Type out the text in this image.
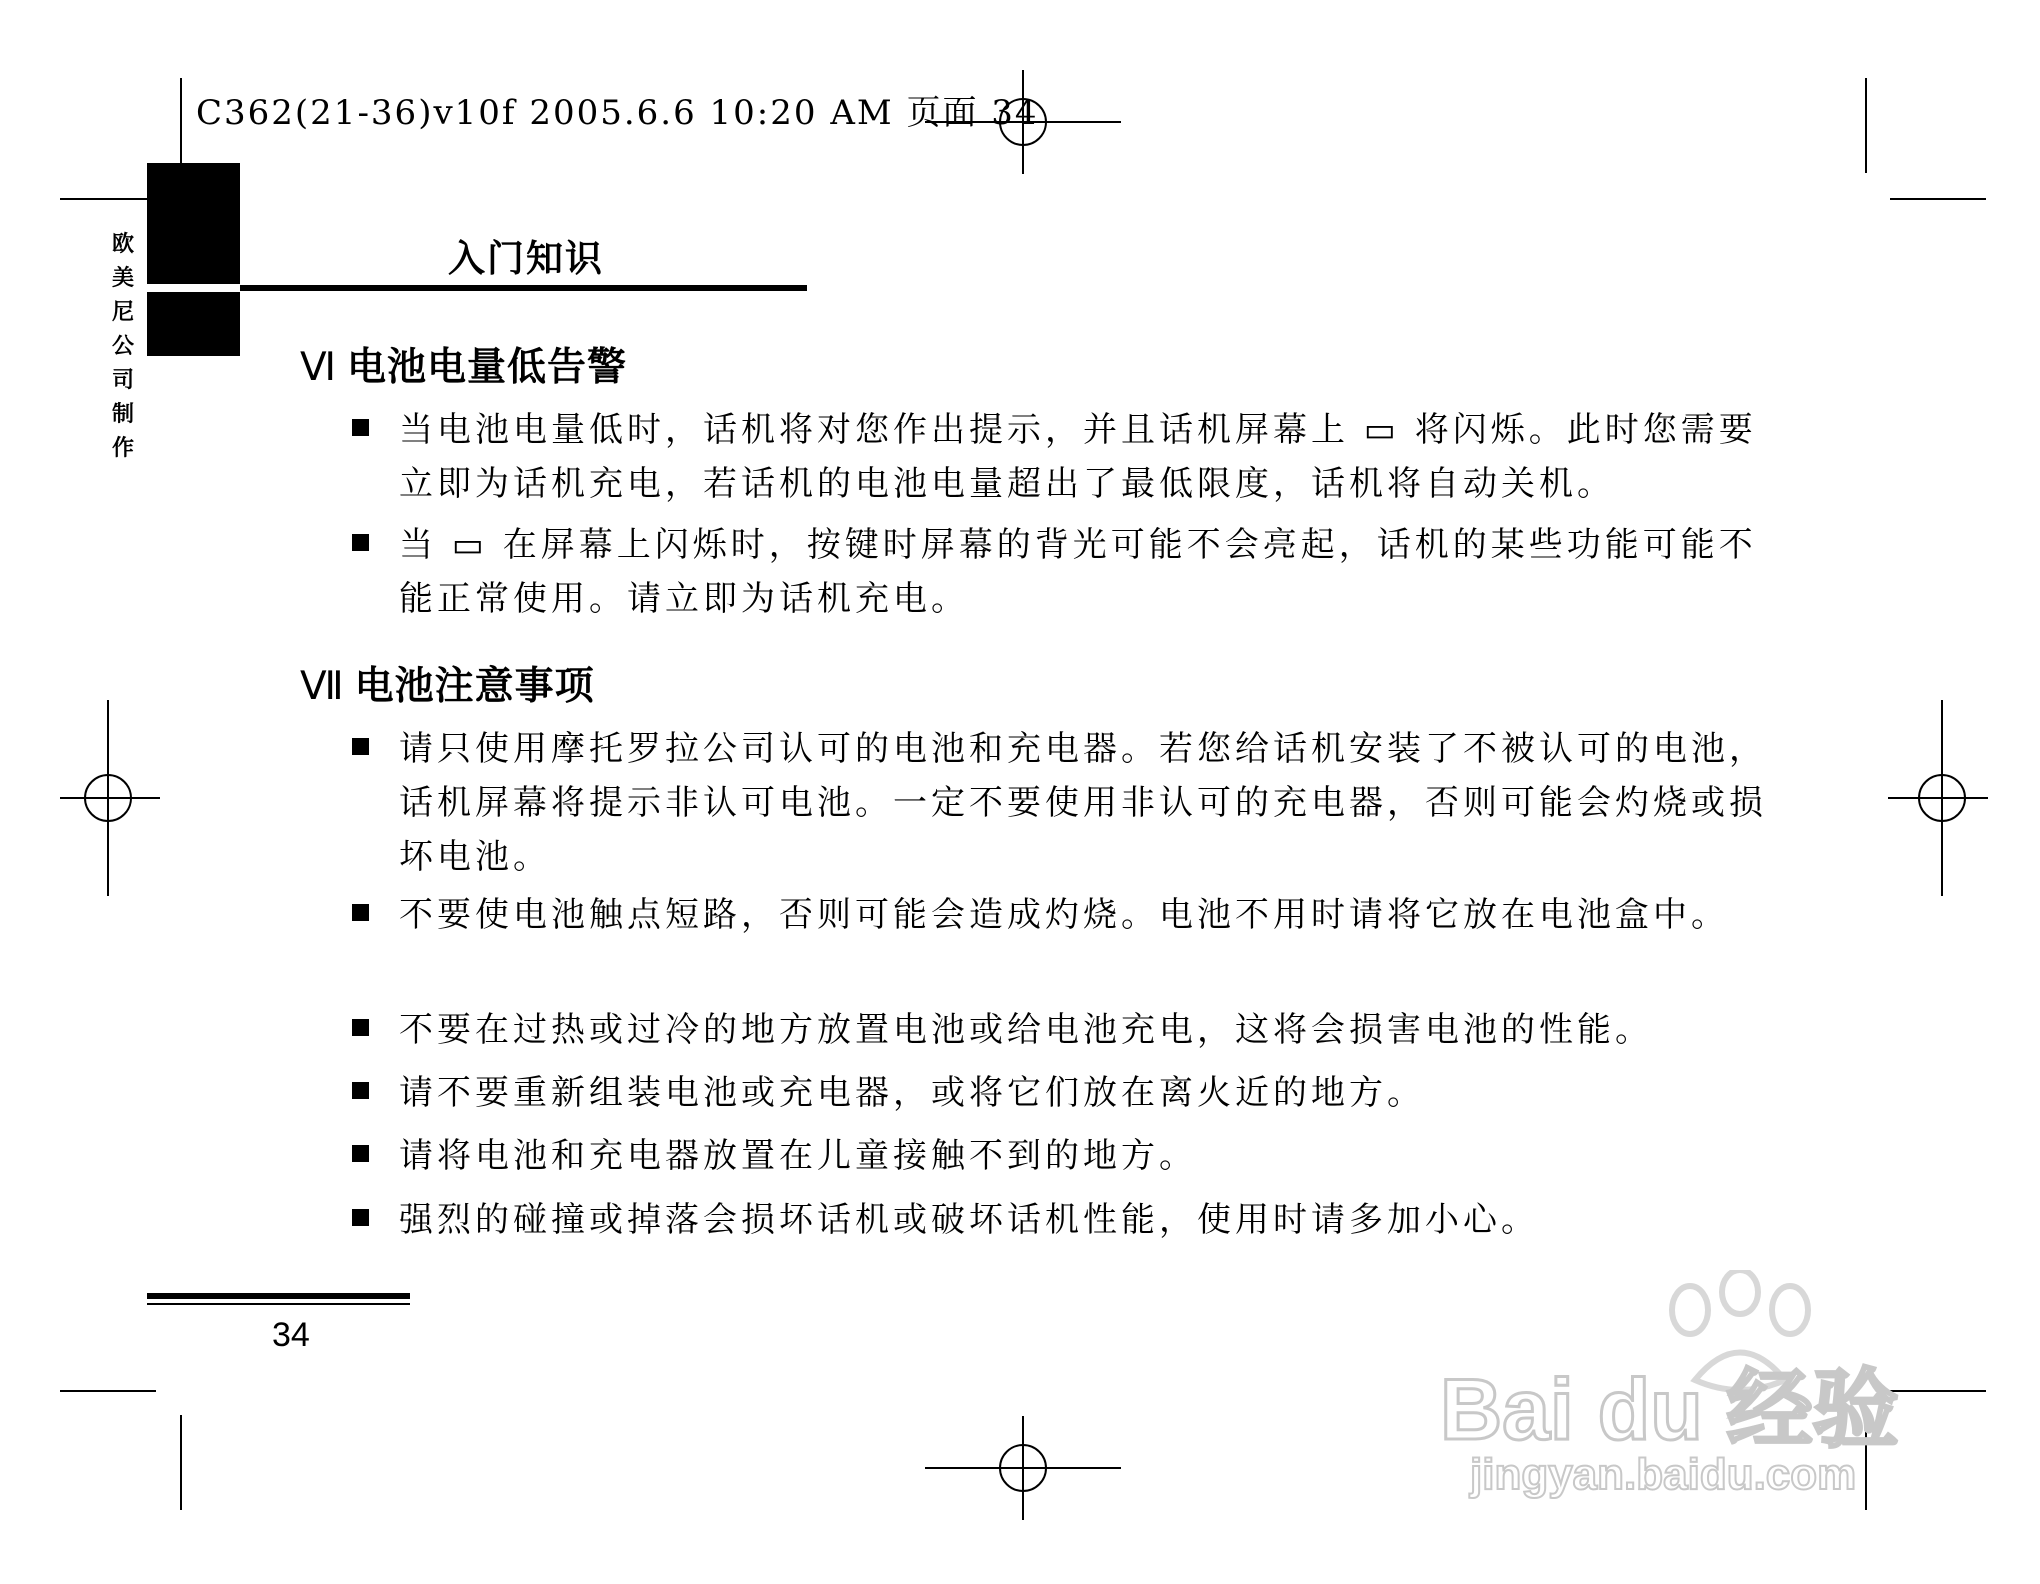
C362(21-36)v10f 2005.6.6 10:20 AM 页面 34
欧
美
尼
公
司
制
作
入门知识
Ⅵ 电池电量低告警
当电池电量低时，话机将对您作出提示，并且话机屏幕上 ▭ 将闪烁。此时您需要立即为话机充电，若话机的电池电量超出了最低限度，话机将自动关机。
当 ▭ 在屏幕上闪烁时，按键时屏幕的背光可能不会亮起，话机的某些功能可能不能正常使用。请立即为话机充电。
Ⅶ 电池注意事项
请只使用摩托罗拉公司认可的电池和充电器。若您给话机安装了不被认可的电池，话机屏幕将提示非认可电池。一定不要使用非认可的充电器，否则可能会灼烧或损坏电池。
不要使电池触点短路，否则可能会造成灼烧。电池不用时请将它放在电池盒中。
不要在过热或过冷的地方放置电池或给电池充电，这将会损害电池的性能。
请不要重新组装电池或充电器，或将它们放在离火近的地方。
请将电池和充电器放置在儿童接触不到的地方。
强烈的碰撞或掉落会损坏话机或破坏话机性能，使用时请多加小心。
34
Bai du 经验
jingyan.baidu.com
